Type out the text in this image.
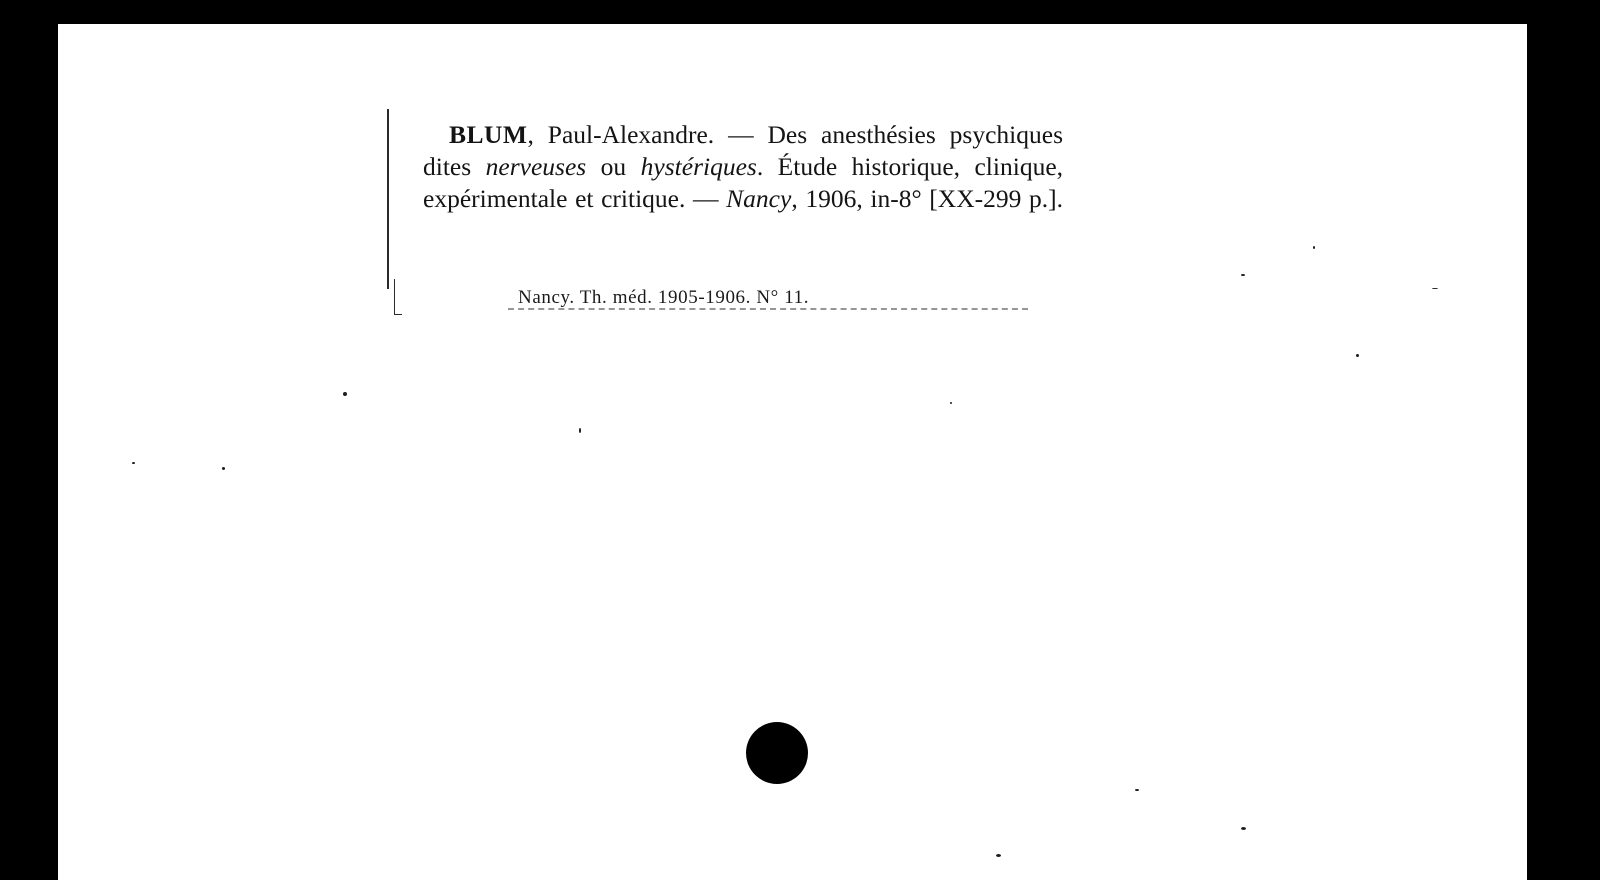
BLUM, Paul-Alexandre. — Des anesthésies psychiques dites nerveuses ou hystériques. Étude historique, clinique, expérimentale et critique. — Nancy, 1906, in-8° [XX-299 p.].
Nancy. Th. méd. 1905-1906. N° 11.
